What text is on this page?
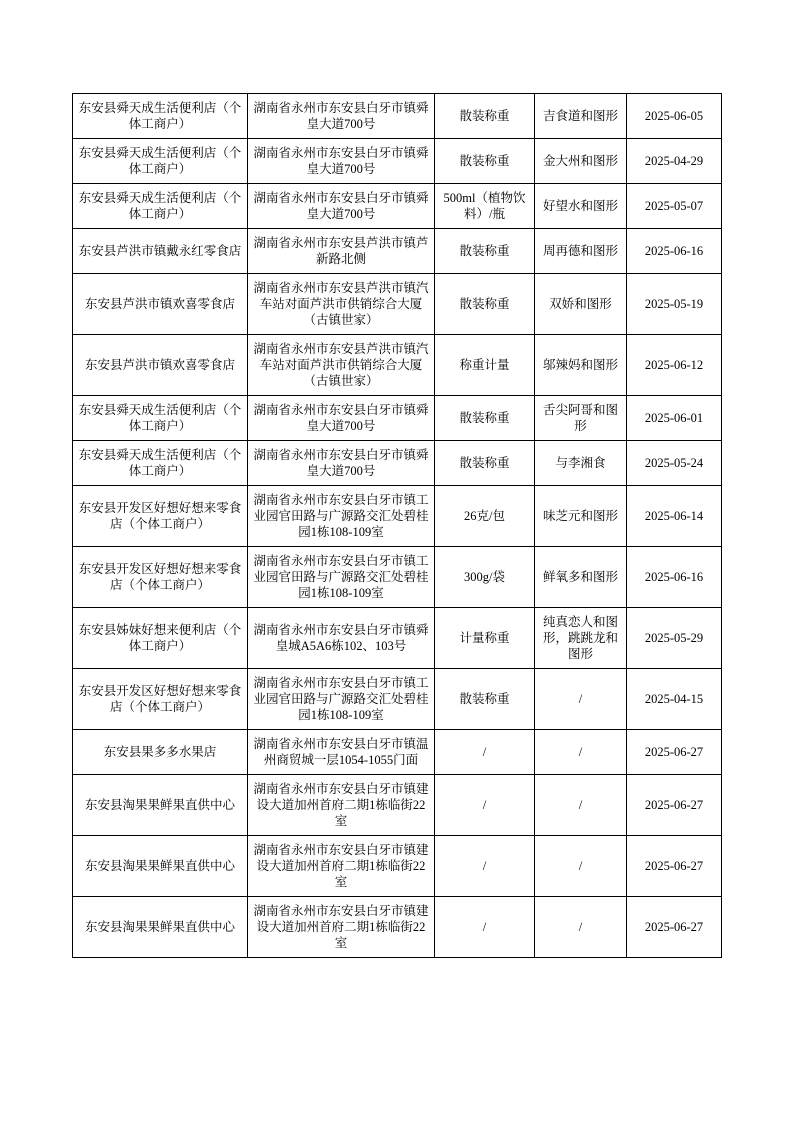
东安县舜天成生活便利店（个体工商户）	湖南省永州市东安县白牙市镇舜皇大道700号	散装称重	吉食道和图形	2025-06-05
东安县舜天成生活便利店（个体工商户）	湖南省永州市东安县白牙市镇舜皇大道700号	散装称重	金大州和图形	2025-04-29
东安县舜天成生活便利店（个体工商户）	湖南省永州市东安县白牙市镇舜皇大道700号	500ml（植物饮料）/瓶	好望水和图形	2025-05-07
东安县芦洪市镇戴永红零食店	湖南省永州市东安县芦洪市镇芦新路北侧	散装称重	周再德和图形	2025-06-16
东安县芦洪市镇欢喜零食店	湖南省永州市东安县芦洪市镇汽车站对面芦洪市供销综合大厦（古镇世家）	散装称重	双娇和图形	2025-05-19
东安县芦洪市镇欢喜零食店	湖南省永州市东安县芦洪市镇汽车站对面芦洪市供销综合大厦（古镇世家）	称重计量	邬辣妈和图形	2025-06-12
东安县舜天成生活便利店（个体工商户）	湖南省永州市东安县白牙市镇舜皇大道700号	散装称重	舌尖阿哥和图形	2025-06-01
东安县舜天成生活便利店（个体工商户）	湖南省永州市东安县白牙市镇舜皇大道700号	散装称重	与李湘食	2025-05-24
东安县开发区好想好想来零食店（个体工商户）	湖南省永州市东安县白牙市镇工业园官田路与广源路交汇处碧桂园1栋108-109室	26克/包	味芝元和图形	2025-06-14
东安县开发区好想好想来零食店（个体工商户）	湖南省永州市东安县白牙市镇工业园官田路与广源路交汇处碧桂园1栋108-109室	300g/袋	鲜氧多和图形	2025-06-16
东安县姊妹好想来便利店（个体工商户）	湖南省永州市东安县白牙市镇舜皇城A5A6栋102、103号	计量称重	纯真恋人和图形，跳跳龙和图形	2025-05-29
东安县开发区好想好想来零食店（个体工商户）	湖南省永州市东安县白牙市镇工业园官田路与广源路交汇处碧桂园1栋108-109室	散装称重	/	2025-04-15
东安县果多多水果店	湖南省永州市东安县白牙市镇温州商贸城一层1054-1055门面	/	/	2025-06-27
东安县淘果果鲜果直供中心	湖南省永州市东安县白牙市镇建设大道加州首府二期1栋临街22室	/	/	2025-06-27
东安县淘果果鲜果直供中心	湖南省永州市东安县白牙市镇建设大道加州首府二期1栋临街22室	/	/	2025-06-27
东安县淘果果鲜果直供中心	湖南省永州市东安县白牙市镇建设大道加州首府二期1栋临街22室	/	/	2025-06-27
